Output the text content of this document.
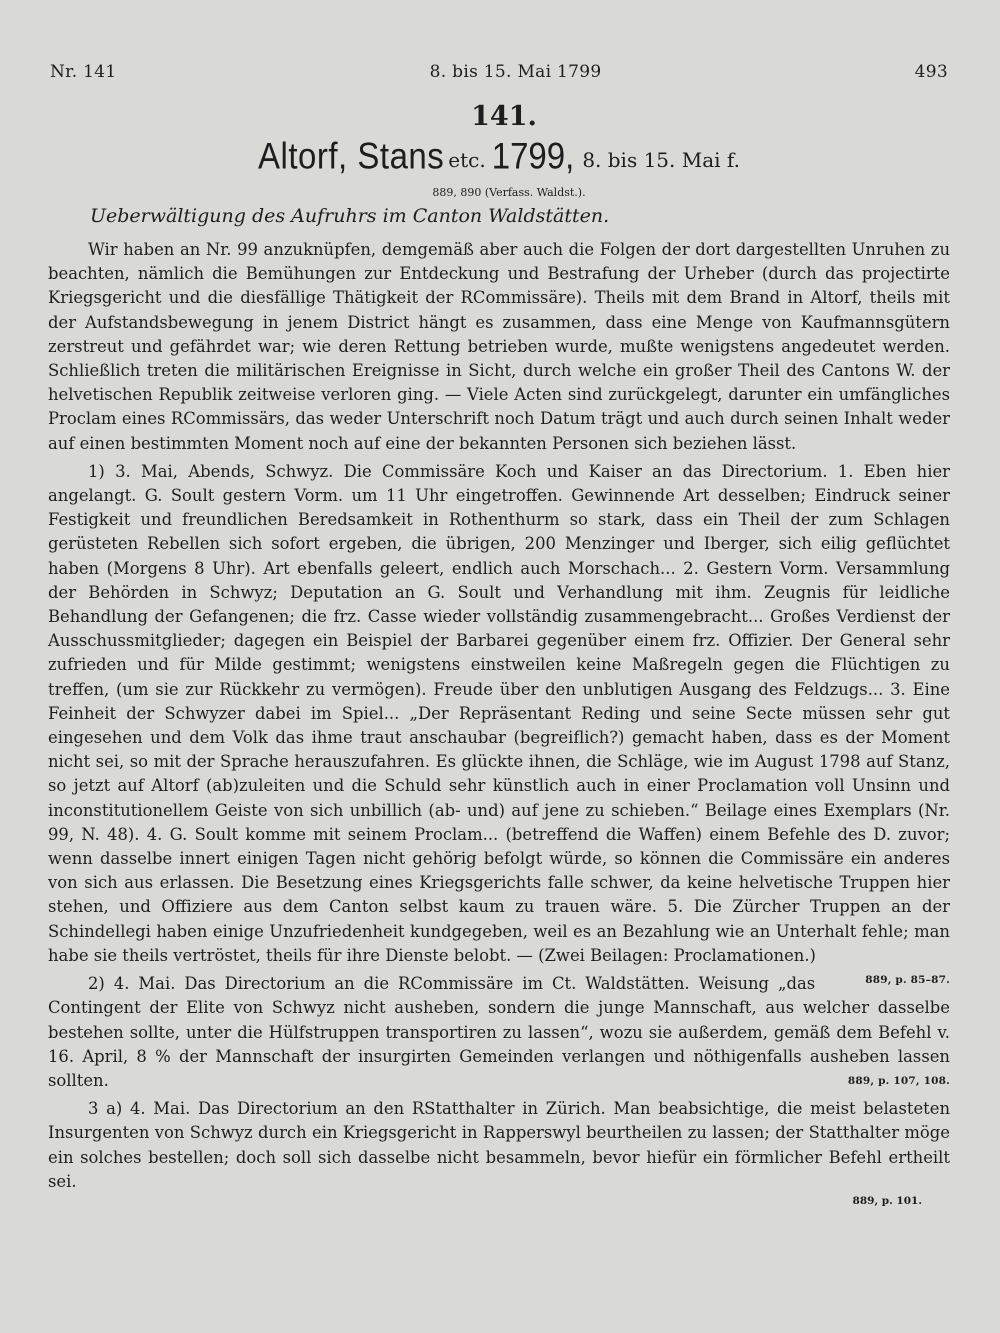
Nr. 141	8. bis 15. Mai 1799	493
141.
Altorf, Stans etc. 1799, 8. bis 15. Mai f.
889, 890 (Verfass. Waldst.).
Ueberwältigung des Aufruhrs im Canton Waldstätten.

Wir haben an Nr. 99 anzuknüpfen, demgemäß aber auch die Folgen der dort dargestellten Unruhen zu beachten, nämlich die Bemühungen zur Entdeckung und Bestrafung der Urheber (durch das projectirte Kriegsgericht und die diesfällige Thätigkeit der RCommissäre). Theils mit dem Brand in Altorf, theils mit der Aufstandsbewegung in jenem District hängt es zusammen, dass eine Menge von Kaufmannsgütern zerstreut und gefährdet war; wie deren Rettung betrieben wurde, mußte wenigstens angedeutet werden. Schließlich treten die militärischen Ereignisse in Sicht, durch welche ein großer Theil des Cantons W. der helvetischen Republik zeitweise verloren ging. — Viele Acten sind zurückgelegt, darunter ein umfängliches Proclam eines RCommissärs, das weder Unterschrift noch Datum trägt und auch durch seinen Inhalt weder auf einen bestimmten Moment noch auf eine der bekannten Personen sich beziehen lässt.

1) 3. Mai, Abends, Schwyz. Die Commissäre Koch und Kaiser an das Directorium. 1. Eben hier angelangt. G. Soult gestern Vorm. um 11 Uhr eingetroffen. Gewinnende Art desselben; Eindruck seiner Festigkeit und freundlichen Beredsamkeit in Rothenthurm so stark, dass ein Theil der zum Schlagen gerüsteten Rebellen sich sofort ergeben, die übrigen, 200 Menzinger und Iberger, sich eilig geflüchtet haben (Morgens 8 Uhr). Art ebenfalls geleert, endlich auch Morschach... 2. Gestern Vorm. Versammlung der Behörden in Schwyz; Deputation an G. Soult und Verhandlung mit ihm. Zeugnis für leidliche Behandlung der Gefangenen; die frz. Casse wieder vollständig zusammengebracht... Großes Verdienst der Ausschussmitglieder; dagegen ein Beispiel der Barbarei gegenüber einem frz. Offizier. Der General sehr zufrieden und für Milde gestimmt; wenigstens einstweilen keine Maßregeln gegen die Flüchtigen zu treffen, (um sie zur Rückkehr zu vermögen). Freude über den unblutigen Ausgang des Feldzugs... 3. Eine Feinheit der Schwyzer dabei im Spiel... „Der Repräsentant Reding und seine Secte müssen sehr gut eingesehen und dem Volk das ihme traut anschaubar (begreiflich?) gemacht haben, dass es der Moment nicht sei, so mit der Sprache herauszufahren. Es glückte ihnen, die Schläge, wie im August 1798 auf Stanz, so jetzt auf Altorf (ab)zuleiten und die Schuld sehr künstlich auch in einer Proclamation voll Unsinn und inconstitutionellem Geiste von sich unbillich (ab- und) auf jene zu schieben.“ Beilage eines Exemplars (Nr. 99, N. 48). 4. G. Soult komme mit seinem Proclam... (betreffend die Waffen) einem Befehle des D. zuvor; wenn dasselbe innert einigen Tagen nicht gehörig befolgt würde, so können die Commissäre ein anderes von sich aus erlassen. Die Besetzung eines Kriegsgerichts falle schwer, da keine helvetische Truppen hier stehen, und Offiziere aus dem Canton selbst kaum zu trauen wäre. 5. Die Zürcher Truppen an der Schindellegi haben einige Unzufriedenheit kundgegeben, weil es an Bezahlung wie an Unterhalt fehle; man habe sie theils vertröstet, theils für ihre Dienste belobt. — (Zwei Beilagen: Proclamationen.)
889, p. 85–87.

2) 4. Mai. Das Directorium an die RCommissäre im Ct. Waldstätten. Weisung „das Contingent der Elite von Schwyz nicht ausheben, sondern die junge Mannschaft, aus welcher dasselbe bestehen sollte, unter die Hülfstruppen transportiren zu lassen“, wozu sie außerdem, gemäß dem Befehl v. 16. April, 8 % der Mannschaft der insurgirten Gemeinden verlangen und nöthigenfalls ausheben lassen sollten.	889, p. 107, 108.

3 a) 4. Mai. Das Directorium an den RStatthalter in Zürich. Man beabsichtige, die meist belasteten Insurgenten von Schwyz durch ein Kriegsgericht in Rapperswyl beurtheilen zu lassen; der Statthalter möge ein solches bestellen; doch soll sich dasselbe nicht besammeln, bevor hiefür ein förmlicher Befehl ertheilt sei.

889, p. 101.
